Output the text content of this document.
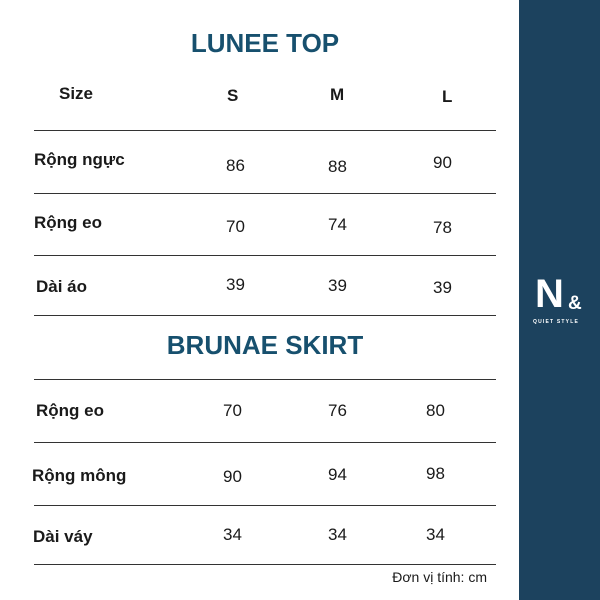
N &
QUIET STYLE
LUNEE TOP
Size	S	M	L
Rộng ngực	86	88	90
Rộng eo	70	74	78
Dài áo	39	39	39
BRUNAE SKIRT
Rộng eo	70	76	80
Rộng mông	90	94	98
Dài váy	34	34	34
Đơn vị tính: cm
